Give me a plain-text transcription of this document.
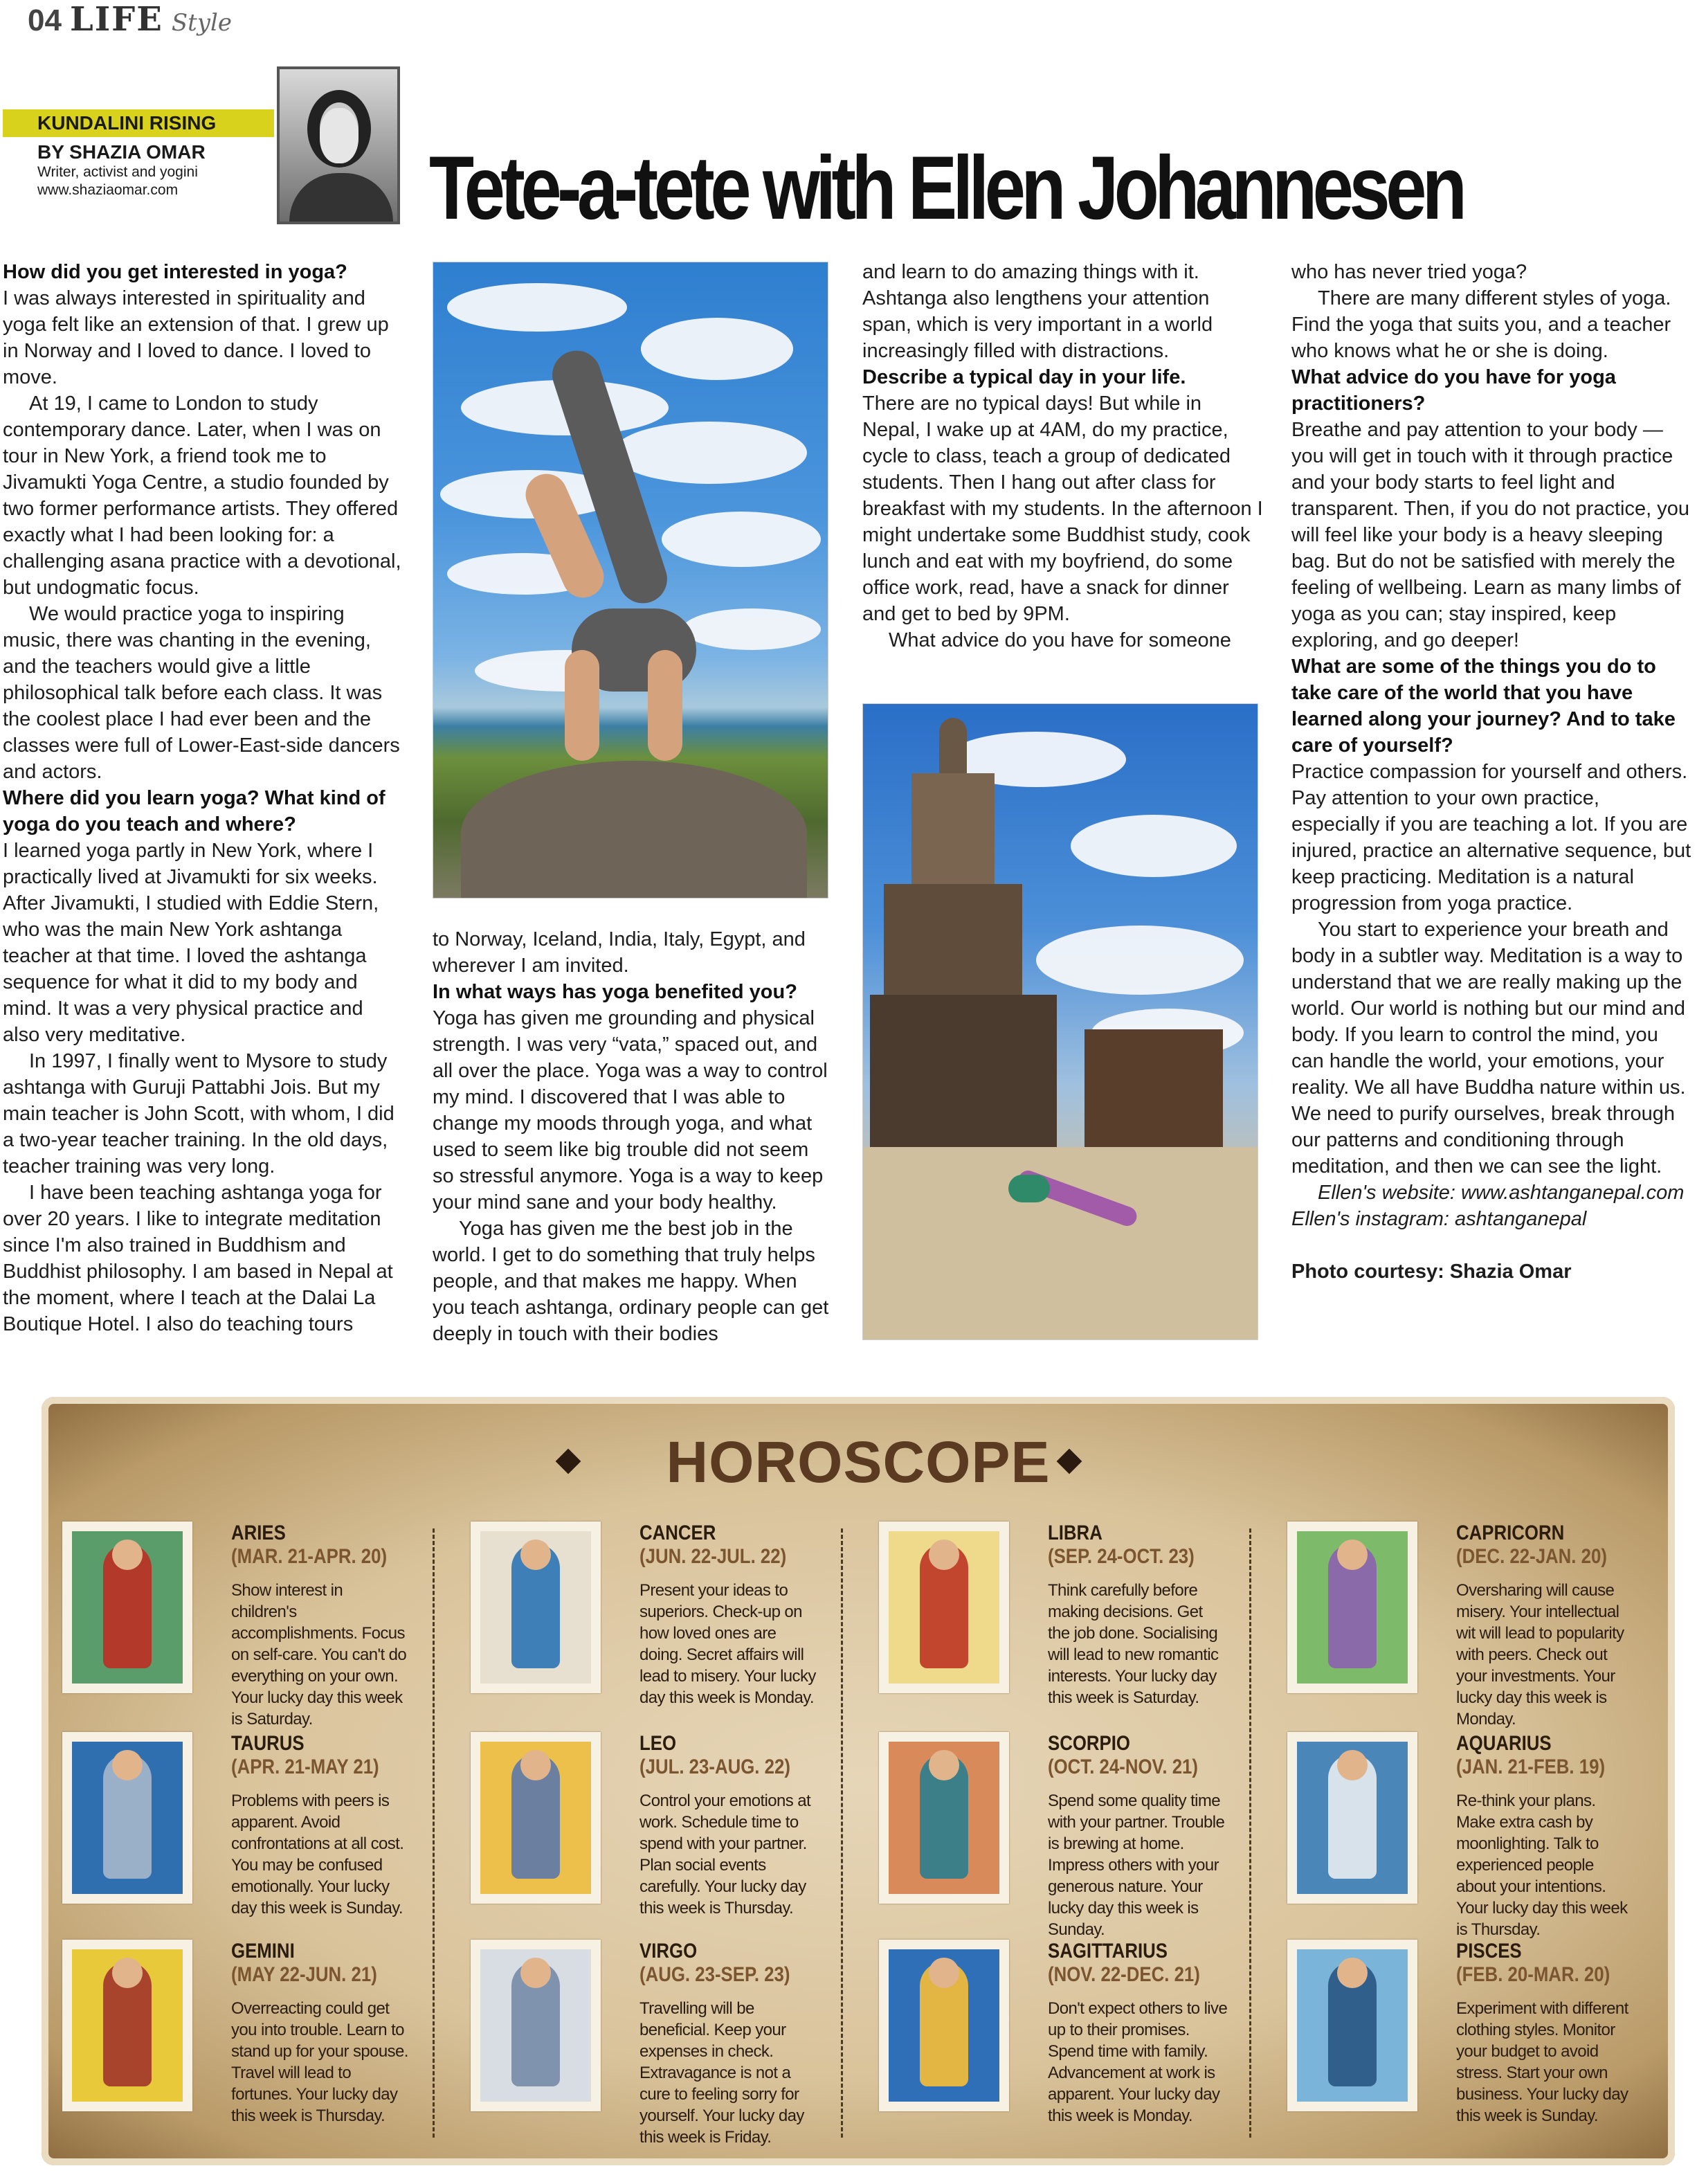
04 LIFE Style
KUNDALINI RISING
BY SHAZIA OMAR
Writer, activist and yogini
www.shaziaomar.com	Tete-a-tete with Ellen Johannesen
How did you get interested in yoga?

I was always interested in spirituality and yoga felt like an extension of that. I grew up in Norway and I loved to dance. I loved to move.

At 19, I came to London to study contemporary dance. Later, when I was on tour in New York, a friend took me to Jivamukti Yoga Centre, a studio founded by two former performance artists. They offered exactly what I had been looking for: a challenging asana practice with a devotional, but undogmatic focus.

We would practice yoga to inspiring music, there was chanting in the evening, and the teachers would give a little philosophical talk before each class. It was the coolest place I had ever been and the classes were full of Lower-East-side dancers and actors.

Where did you learn yoga? What kind of yoga do you teach and where?

I learned yoga partly in New York, where I practically lived at Jivamukti for six weeks. After Jivamukti, I studied with Eddie Stern, who was the main New York ashtanga teacher at that time. I loved the ashtanga sequence for what it did to my body and mind. It was a very physical practice and also very meditative.

In 1997, I finally went to Mysore to study ashtanga with Guruji Pattabhi Jois. But my main teacher is John Scott, with whom, I did a two-year teacher training. In the old days, teacher training was very long.

I have been teaching ashtanga yoga for over 20 years. I like to integrate meditation since I'm also trained in Buddhism and Buddhist philosophy. I am based in Nepal at the moment, where I teach at the Dalai La Boutique Hotel. I also do teaching tours

to Norway, Iceland, India, Italy, Egypt, and wherever I am invited.

In what ways has yoga benefited you?

Yoga has given me grounding and physical strength. I was very “vata,” spaced out, and all over the place. Yoga was a way to control my mind. I discovered that I was able to change my moods through yoga, and what used to seem like big trouble did not seem so stressful anymore. Yoga is a way to keep your mind sane and your body healthy.

Yoga has given me the best job in the world. I get to do something that truly helps people, and that makes me happy. When you teach ashtanga, ordinary people can get deeply in touch with their bodies

and learn to do amazing things with it. Ashtanga also lengthens your attention span, which is very important in a world increasingly filled with distractions.

Describe a typical day in your life.

There are no typical days! But while in Nepal, I wake up at 4AM, do my practice, cycle to class, teach a group of dedicated students. Then I hang out after class for breakfast with my students. In the afternoon I might undertake some Buddhist study, cook lunch and eat with my boyfriend, do some office work, read, have a snack for dinner and get to bed by 9PM.

What advice do you have for someone

who has never tried yoga?

There are many different styles of yoga. Find the yoga that suits you, and a teacher who knows what he or she is doing.

What advice do you have for yoga practitioners?

Breathe and pay attention to your body — you will get in touch with it through practice and your body starts to feel light and transparent. Then, if you do not practice, you will feel like your body is a heavy sleeping bag. But do not be satisfied with merely the feeling of wellbeing. Learn as many limbs of yoga as you can; stay inspired, keep exploring, and go deeper!

What are some of the things you do to take care of the world that you have learned along your journey? And to take care of yourself?

Practice compassion for yourself and others. Pay attention to your own practice, especially if you are teaching a lot. If you are injured, practice an alternative sequence, but keep practicing. Meditation is a natural progression from yoga practice.

You start to experience your breath and body in a subtler way. Meditation is a way to understand that we are really making up the world. Our world is nothing but our mind and body. If you learn to control the mind, you can handle the world, your emotions, your reality. We all have Buddha nature within us. We need to purify ourselves, break through our patterns and conditioning through meditation, and then we can see the light.

Ellen's website: www.ashtanganepal.com

Ellen's instagram: ashtanganepal

Photo courtesy: Shazia Omar

HOROSCOPE
ARIES
(MAR. 21-APR. 20)
Show interest in children's accomplishments. Focus on self-care. You can't do everything on your own. Your lucky day this week is Saturday.
TAURUS
(APR. 21-MAY 21)
Problems with peers is apparent. Avoid confrontations at all cost. You may be confused emotionally. Your lucky day this week is Sunday.
GEMINI
(MAY 22-JUN. 21)
Overreacting could get you into trouble. Learn to stand up for your spouse. Travel will lead to fortunes. Your lucky day this week is Thursday.
CANCER
(JUN. 22-JUL. 22)
Present your ideas to superiors. Check-up on how loved ones are doing. Secret affairs will lead to misery. Your lucky day this week is Monday.
LEO
(JUL. 23-AUG. 22)
Control your emotions at work. Schedule time to spend with your partner. Plan social events carefully. Your lucky day this week is Thursday.
VIRGO
(AUG. 23-SEP. 23)
Travelling will be beneficial. Keep your expenses in check. Extravagance is not a cure to feeling sorry for yourself. Your lucky day this week is Friday.
LIBRA
(SEP. 24-OCT. 23)
Think carefully before making decisions. Get the job done. Socialising will lead to new romantic interests. Your lucky day this week is Saturday.
SCORPIO
(OCT. 24-NOV. 21)
Spend some quality time with your partner. Trouble is brewing at home. Impress others with your generous nature. Your lucky day this week is Sunday.
SAGITTARIUS
(NOV. 22-DEC. 21)
Don't expect others to live up to their promises. Spend time with family. Advancement at work is apparent. Your lucky day this week is Monday.
CAPRICORN
(DEC. 22-JAN. 20)
Oversharing will cause misery. Your intellectual wit will lead to popularity with peers. Check out your investments. Your lucky day this week is Monday.
AQUARIUS
(JAN. 21-FEB. 19)
Re-think your plans. Make extra cash by moonlighting. Talk to experienced people about your intentions. Your lucky day this week is Thursday.
PISCES
(FEB. 20-MAR. 20)
Experiment with different clothing styles. Monitor your budget to avoid stress. Start your own business. Your lucky day this week is Sunday.
